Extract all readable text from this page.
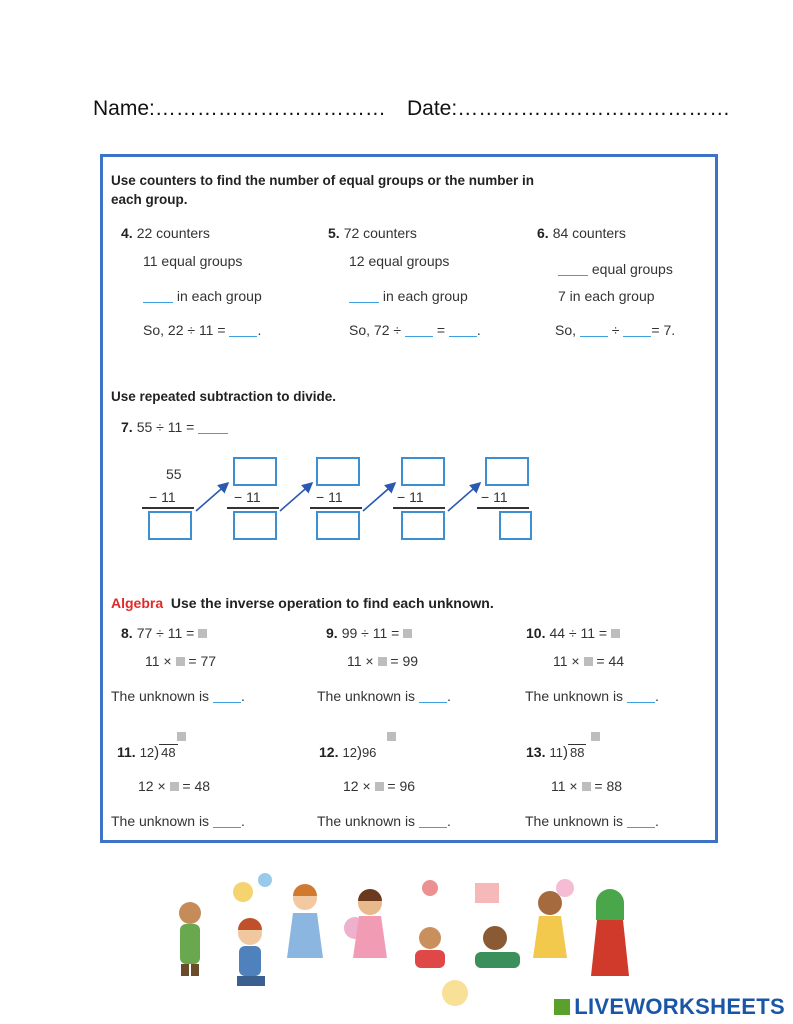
Name:…………………………… Date:…………………………………
Use counters to find the number of equal groups or the number in each group.
4. 22 counters
11 equal groups
in each group
So, 22 ÷ 11 = .
5. 72 counters
12 equal groups
in each group
So, 72 ÷	= .
6. 84 counters
equal groups
7 in each group
So,	÷ = 7.
Use repeated subtraction to divide.
7. 55 ÷ 11 =
55
− 11	− 11	− 11	− 11	− 11
Algebra Use the inverse operation to find each unknown.
8. 77 ÷ 11 =
11 × = 77
The unknown is .
9. 99 ÷ 11 =
11 × = 99
The unknown is .
10. 44 ÷ 11 =
11 × = 44
The unknown is .
11. 12) 48
12 × = 48
The unknown is .
12. 12)96
12 × = 96
The unknown is .
13. 11) 88
11 × = 88
The unknown is .
LIVEWORKSHEETS
